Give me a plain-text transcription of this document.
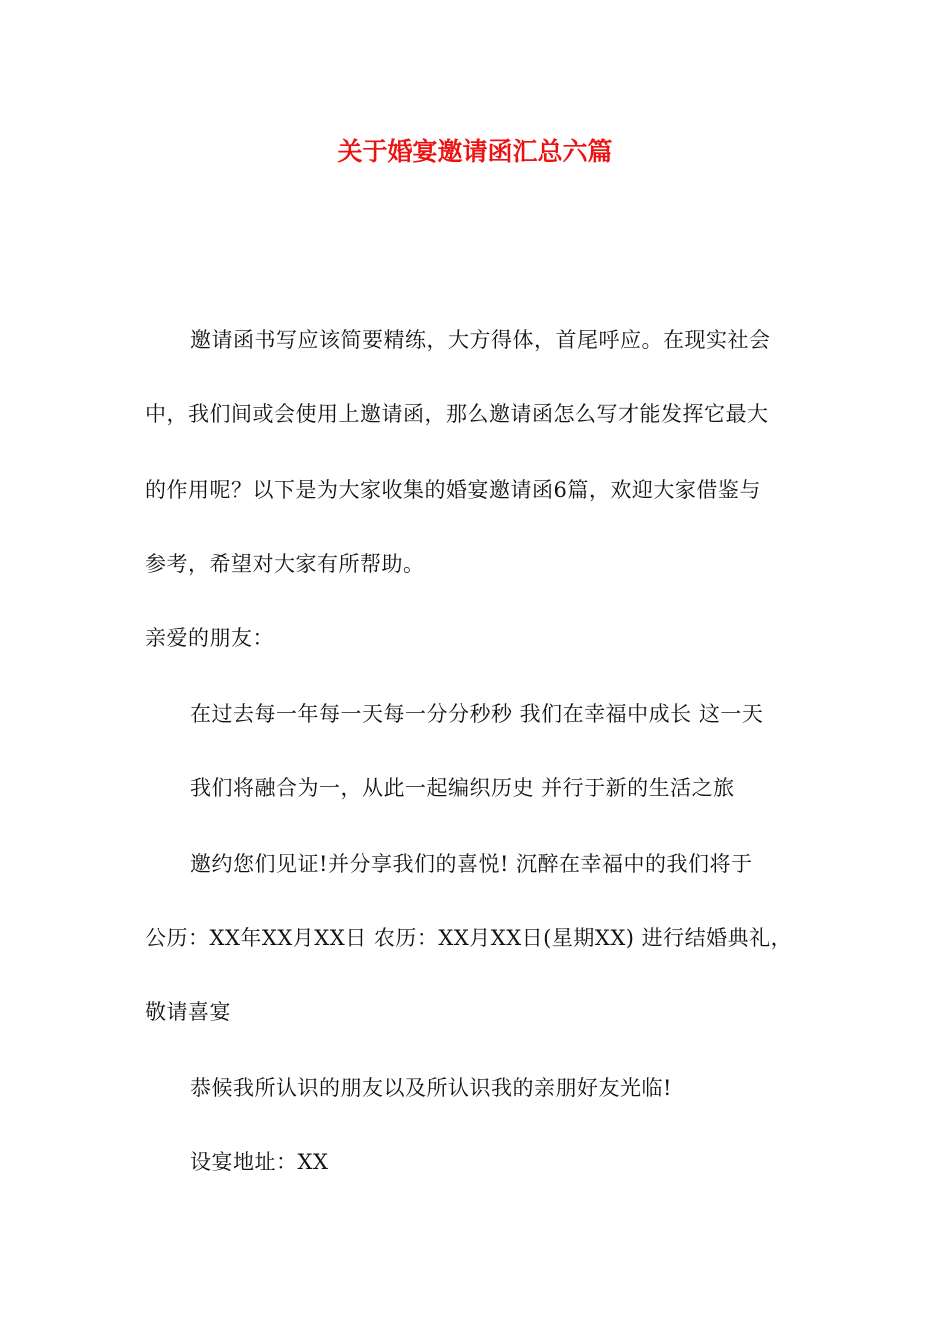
关于婚宴邀请函汇总六篇
邀请函书写应该简要精练，大方得体，首尾呼应。在现实社会
中，我们间或会使用上邀请函，那么邀请函怎么写才能发挥它最大
的作用呢？以下是为大家收集的婚宴邀请函6篇，欢迎大家借鉴与
参考，希望对大家有所帮助。
亲爱的朋友：
在过去每一年每一天每一分分秒秒 我们在幸福中成长 这一天
我们将融合为一，从此一起编织历史 并行于新的生活之旅
邀约您们见证!并分享我们的喜悦! 沉醉在幸福中的我们将于
公历：XX年XX月XX日 农历：XX月XX日(星期XX) 进行结婚典礼，
敬请喜宴
恭候我所认识的朋友以及所认识我的亲朋好友光临!
设宴地址：XX
